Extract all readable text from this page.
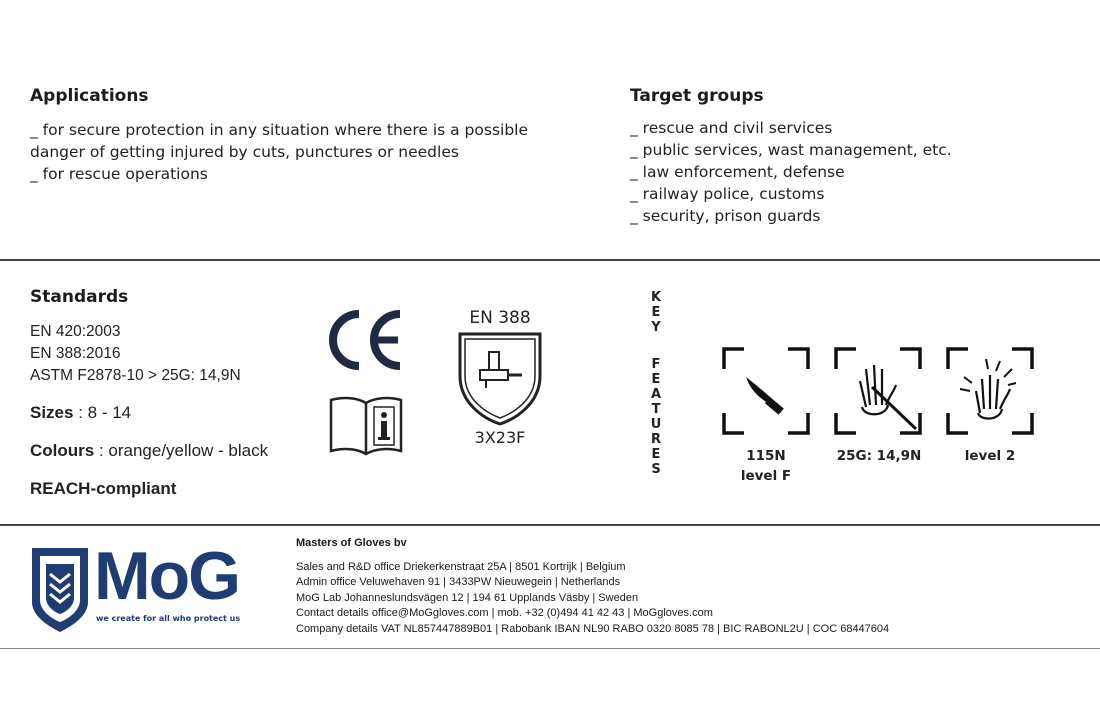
Applications
_ for secure protection in any situation where there is a possible
danger of getting injured by cuts, punctures or needles
_ for rescue operations
Target groups
_ rescue and civil services
_ public services, wast management, etc.
_ law enforcement, defense
_ railway police, customs
_ security, prison guards
Standards
EN 420:2003
EN 388:2016
ASTM F2878-10 > 25G: 14,9N
Sizes : 8 - 14
Colours : orange/yellow - black
REACH-compliant
EN 388
3X23F
K
E
Y
F
E
A
T
U
R
E
S
115N
level F
25G: 14,9N	level 2
MoG
we create for all who protect us
Masters of Gloves bv
Sales and R&D office Driekerkenstraat 25A | 8501 Kortrijk | Belgium
Admin office Veluwehaven 91 | 3433PW Nieuwegein | Netherlands
MoG Lab Johanneslundsvägen 12 | 194 61 Upplands Väsby | Sweden
Contact details office@MoGgloves.com | mob. +32 (0)494 41 42 43 | MoGgloves.com
Company details VAT NL857447889B01 | Rabobank IBAN NL90 RABO 0320 8085 78 | BIC RABONL2U | COC 68447604
